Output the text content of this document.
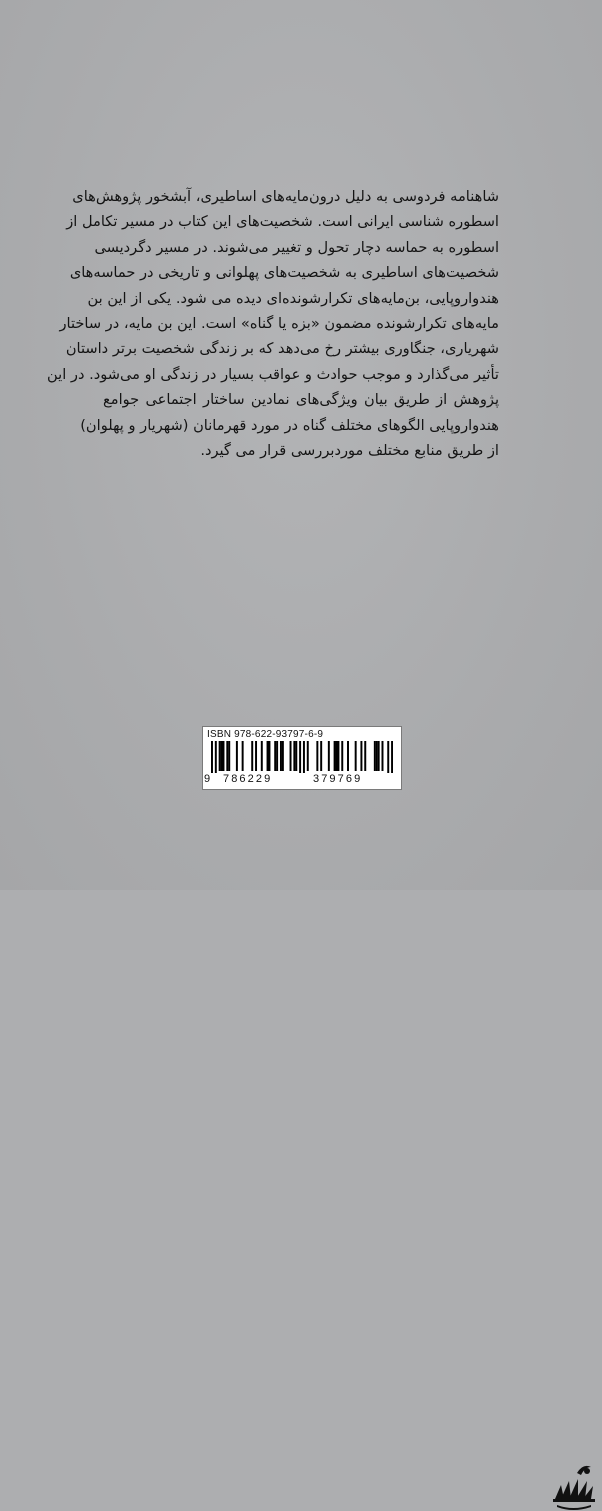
شاهنامه فردوسی به دلیل درون‌مایه‌های اساطیری، آبشخور پژوهش‌های
اسطوره شناسی ایرانی است. شخصیت‌های این کتاب در مسیر تکامل از
اسطوره به حماسه دچار تحول و تغییر می‌شوند. در مسیر دگردیسی
شخصیت‌های اساطیری به شخصیت‌های پهلوانی و تاریخی در حماسه‌های
هندواروپایی، بن‌مایه‌های تکرارشونده‌ای دیده می شود. یکی از این بن
مایه‌های تکرارشونده مضمون «بزه یا گناه» است. این بن مایه، در ساختار
شهریاری، جنگاوری بیشتر رخ می‌دهد که بر زندگی شخصیت برتر داستان
تأثیر می‌گذارد و موجب حوادث و عواقب بسیار در زندگی او می‌شود. در این
پژوهش از طریق بیان ویژگی‌های نمادین ساختار اجتماعی جوامع
هندواروپایی الگوهای مختلف گناه در مورد قهرمانان (شهریار و پهلوان)
از طریق منابع مختلف موردبررسی قرار می گیرد.
ISBN 978-622-93797-6-9
9 786229	379769
